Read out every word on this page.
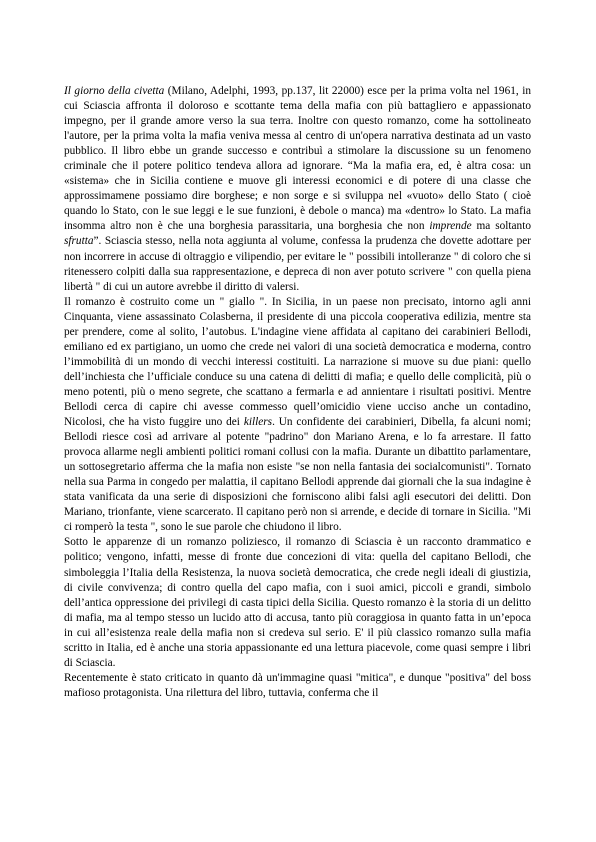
Il giorno della civetta (Milano, Adelphi, 1993, pp.137, lit 22000) esce per la prima volta nel 1961, in cui Sciascia affronta il doloroso e scottante tema della mafia con più battagliero e appassionato impegno, per il grande amore verso la sua terra. Inoltre con questo romanzo, come ha sottolineato l'autore, per la prima volta la mafia veniva messa al centro di un'opera narrativa destinata ad un vasto pubblico. Il libro ebbe un grande successo e contribuì a stimolare la discussione su un fenomeno criminale che il potere politico tendeva allora ad ignorare. “Ma la mafia era, ed, è altra cosa: un «sistema» che in Sicilia contiene e muove gli interessi economici e di potere di una classe che approssimamene possiamo dire borghese; e non sorge e si sviluppa nel «vuoto» dello Stato ( cioè quando lo Stato, con le sue leggi e le sue funzioni, è debole o manca) ma «dentro» lo Stato. La mafia insomma altro non è che una borghesia parassitaria, una borghesia che non imprende ma soltanto sfrutta”. Sciascia stesso, nella nota aggiunta al volume, confessa la prudenza che dovette adottare per non incorrere in accuse di oltraggio e vilipendio, per evitare le " possibili intolleranze " di coloro che si ritenessero colpiti dalla sua rappresentazione, e depreca di non aver potuto scrivere " con quella piena libertà " di cui un autore avrebbe il diritto di valersi.

Il romanzo è costruito come un " giallo ". In Sicilia, in un paese non precisato, intorno agli anni Cinquanta, viene assassinato Colasberna, il presidente di una piccola cooperativa edilizia, mentre sta per prendere, come al solito, l’autobus. L'indagine viene affidata al capitano dei carabinieri Bellodi, emiliano ed ex partigiano, un uomo che crede nei valori di una società democratica e moderna, contro l’immobilità di un mondo di vecchi interessi costituiti. La narrazione si muove su due piani: quello dell’inchiesta che l’ufficiale conduce su una catena di delitti di mafia; e quello delle complicità, più o meno potenti, più o meno segrete, che scattano a fermarla e ad annientare i risultati positivi. Mentre Bellodi cerca di capire chi avesse commesso quell’omicidio viene ucciso anche un contadino, Nicolosi, che ha visto fuggire uno dei killers. Un confidente dei carabinieri, Dibella, fa alcuni nomi; Bellodi riesce così ad arrivare al potente "padrino" don Mariano Arena, e lo fa arrestare. Il fatto provoca allarme negli ambienti politici romani collusi con la mafia. Durante un dibattito parlamentare, un sottosegretario afferma che la mafia non esiste "se non nella fantasia dei socialcomunisti". Tornato nella sua Parma in congedo per malattia, il capitano Bellodi apprende dai giornali che la sua indagine è stata vanificata da una serie di disposizioni che forniscono alibi falsi agli esecutori dei delitti. Don Mariano, trionfante, viene scarcerato. Il capitano però non si arrende, e decide di tornare in Sicilia. "Mi ci romperò la testa ", sono le sue parole che chiudono il libro.

Sotto le apparenze di un romanzo poliziesco, il romanzo di Sciascia è un racconto drammatico e politico; vengono, infatti, messe di fronte due concezioni di vita: quella del capitano Bellodi, che simboleggia l’Italia della Resistenza, la nuova società democratica, che crede negli ideali di giustizia, di civile convivenza; di contro quella del capo mafia, con i suoi amici, piccoli e grandi, simbolo dell’antica oppressione dei privilegi di casta tipici della Sicilia. Questo romanzo è la storia di un delitto di mafia, ma al tempo stesso un lucido atto di accusa, tanto più coraggiosa in quanto fatta in un’epoca in cui all’esistenza reale della mafia non si credeva sul serio. E' il più classico romanzo sulla mafia scritto in Italia, ed è anche una storia appassionante ed una lettura piacevole, come quasi sempre i libri di Sciascia.

Recentemente è stato criticato in quanto dà un'immagine quasi "mitica", e dunque "positiva" del boss mafioso protagonista. Una rilettura del libro, tuttavia, conferma che il
